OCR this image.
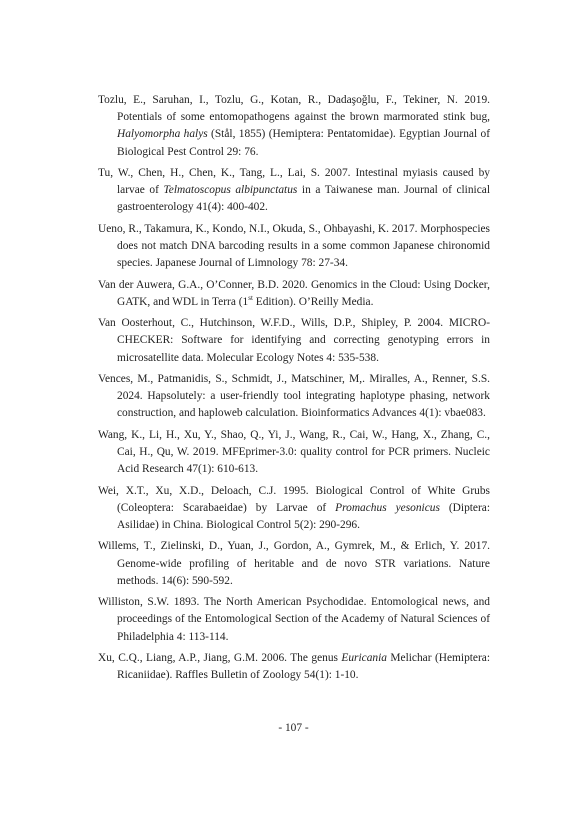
Tozlu, E., Saruhan, I., Tozlu, G., Kotan, R., Dadaşoğlu, F., Tekiner, N. 2019. Potentials of some entomopathogens against the brown marmorated stink bug, Halyomorpha halys (Stål, 1855) (Hemiptera: Pentatomidae). Egyptian Journal of Biological Pest Control 29: 76.

Tu, W., Chen, H., Chen, K., Tang, L., Lai, S. 2007. Intestinal myiasis caused by larvae of Telmatoscopus albipunctatus in a Taiwanese man. Journal of clinical gastroenterology 41(4): 400-402.

Ueno, R., Takamura, K., Kondo, N.I., Okuda, S., Ohbayashi, K. 2017. Morphospecies does not match DNA barcoding results in a some common Japanese chironomid species. Japanese Journal of Limnology 78: 27-34.

Van der Auwera, G.A., O’Conner, B.D. 2020. Genomics in the Cloud: Using Docker, GATK, and WDL in Terra (1st Edition). O’Reilly Media.

Van Oosterhout, C., Hutchinson, W.F.D., Wills, D.P., Shipley, P. 2004. MICRO-CHECKER: Software for identifying and correcting genotyping errors in microsatellite data. Molecular Ecology Notes 4: 535-538.

Vences, M., Patmanidis, S., Schmidt, J., Matschiner, M,. Miralles, A., Renner, S.S. 2024. Hapsolutely: a user-friendly tool integrating haplotype phasing, network construction, and haploweb calculation. Bioinformatics Advances 4(1): vbae083.

Wang, K., Li, H., Xu, Y., Shao, Q., Yi, J., Wang, R., Cai, W., Hang, X., Zhang, C., Cai, H., Qu, W. 2019. MFEprimer-3.0: quality control for PCR primers. Nucleic Acid Research 47(1): 610-613.

Wei, X.T., Xu, X.D., Deloach, C.J. 1995. Biological Control of White Grubs (Coleoptera: Scarabaeidae) by Larvae of Promachus yesonicus (Diptera: Asilidae) in China. Biological Control 5(2): 290-296.

Willems, T., Zielinski, D., Yuan, J., Gordon, A., Gymrek, M., & Erlich, Y. 2017. Genome-wide profiling of heritable and de novo STR variations. Nature methods. 14(6): 590-592.

Williston, S.W. 1893. The North American Psychodidae. Entomological news, and proceedings of the Entomological Section of the Academy of Natural Sciences of Philadelphia 4: 113-114.

Xu, C.Q., Liang, A.P., Jiang, G.M. 2006. The genus Euricania Melichar (Hemiptera: Ricaniidae). Raffles Bulletin of Zoology 54(1): 1-10.

- 107 -
